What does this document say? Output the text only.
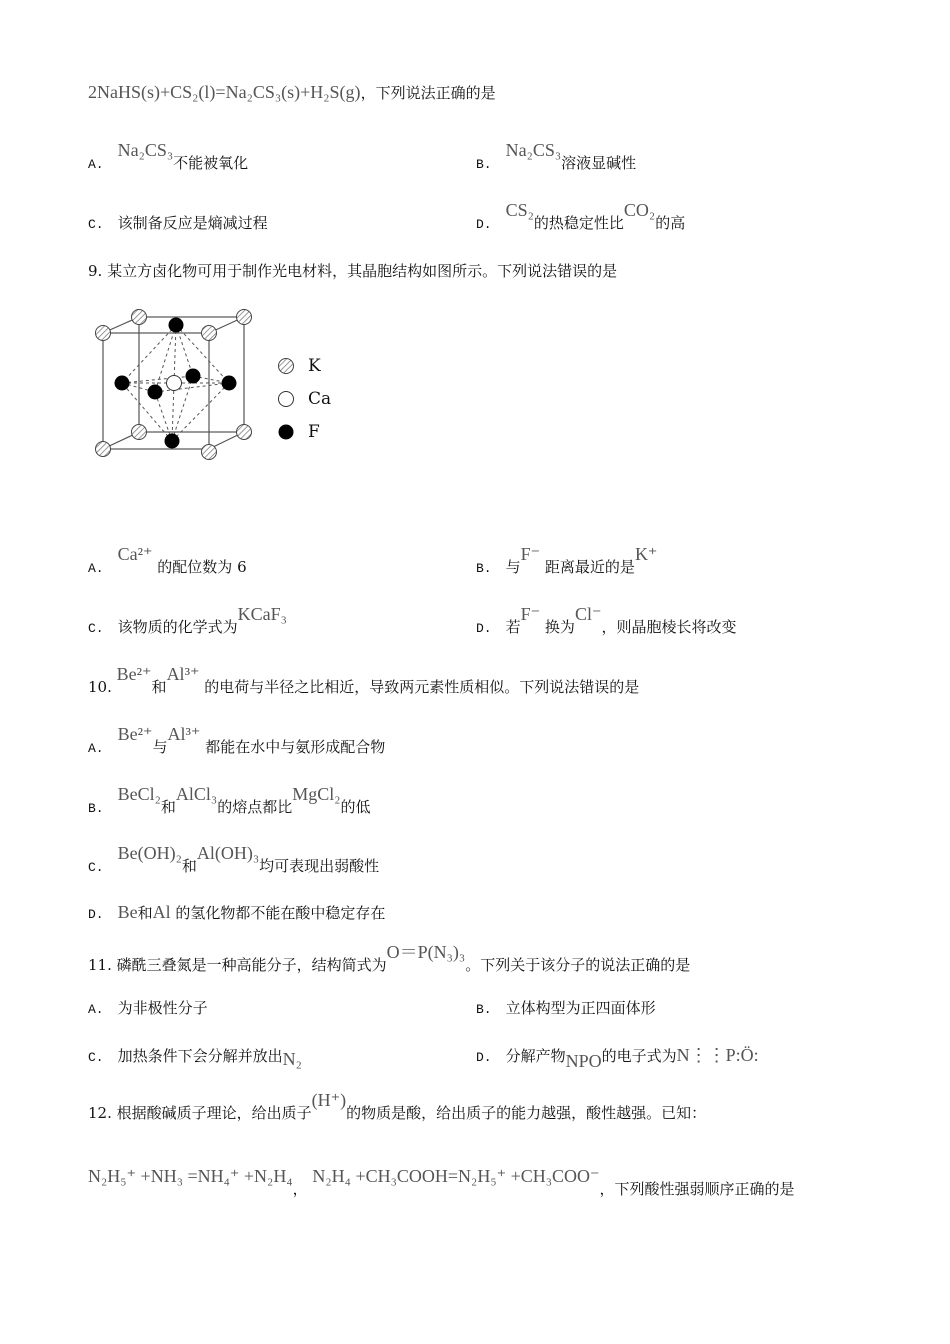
2NaHS(s)+CS₂(l)=Na₂CS₃(s)+H₂S(g)，下列说法正确的是
A.Na₂CS₃不能被氧化	B.Na₂CS₃溶液显碱性
C. 该制备反应是熵减过程	D.CS₂的热稳定性比CO₂的高
9. 某立方卤化物可用于制作光电材料，其晶胞结构如图所示。下列说法错误的是
K
Ca
F
A.Ca²⁺ 的配位数为 6	B. 与F⁻ 距离最近的是K⁺
C. 该物质的化学式为KCaF₃
D. 若F⁻ 换为Cl⁻，则晶胞棱长将改变
10. Be²⁺和Al³⁺ 的电荷与半径之比相近，导致两元素性质相似。下列说法错误的是
A.Be²⁺与Al³⁺ 都能在水中与氨形成配合物
B.BeCl₂和AlCl₃的熔点都比MgCl₂的低
C.Be(OH)₂和Al(OH)₃均可表现出弱酸性
D. Be和Al 的氢化物都不能在酸中稳定存在
11. 磷酰三叠氮是一种高能分子，结构简式为O＝P(N₃)₃。下列关于该分子的说法正确的是
A. 为非极性分子	B. 立体构型为正四面体形
C. 加热条件下会分解并放出N₂	D. 分解产物NPO的电子式为N⋮⋮P:Ö:
12. 根据酸碱质子理论，给出质子(H⁺)的物质是酸，给出质子的能力越强，酸性越强。已知：
N₂H₅⁺ +NH₃ =NH₄⁺ +N₂H₄， N₂H₄ +CH₃COOH=N₂H₅⁺ +CH₃COO⁻，下列酸性强弱顺序正确的是
